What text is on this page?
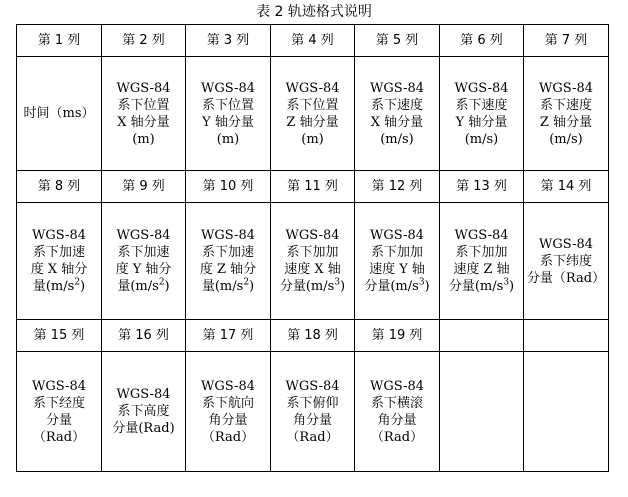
表 2 轨迹格式说明
第 1 列	第 2 列	第 3 列	第 4 列	第 5 列	第 6 列	第 7 列
时间（ms）	WGS-84
系下位置
X 轴分量
(m)	WGS-84
系下位置
Y 轴分量
(m)	WGS-84
系下位置
Z 轴分量
(m)	WGS-84
系下速度
X 轴分量
(m/s)	WGS-84
系下速度
Y 轴分量
(m/s)	WGS-84
系下速度
Z 轴分量
(m/s)
第 8 列	第 9 列	第 10 列	第 11 列	第 12 列	第 13 列	第 14 列
WGS-84
系下加速
度 X 轴分
量$(m/s^2)$	WGS-84
系下加速
度 Y 轴分
量$(m/s^2)$	WGS-84
系下加速
度 Z 轴分
量$(m/s^2)$	WGS-84
系下加加
速度 X 轴
分量$(m/s^3)$	WGS-84
系下加加
速度 Y 轴
分量$(m/s^3)$	WGS-84
系下加加
速度 Z 轴
分量$(m/s^3)$	WGS-84
系下纬度
分量（Rad）
第 15 列	第 16 列	第 17 列	第 18 列	第 19 列		
WGS-84
系下经度
分量
（Rad）	WGS-84
系下高度
分量(Rad)	WGS-84
系下航向
角分量
（Rad）	WGS-84
系下俯仰
角分量
（Rad）	WGS-84
系下横滚
角分量
（Rad）		
